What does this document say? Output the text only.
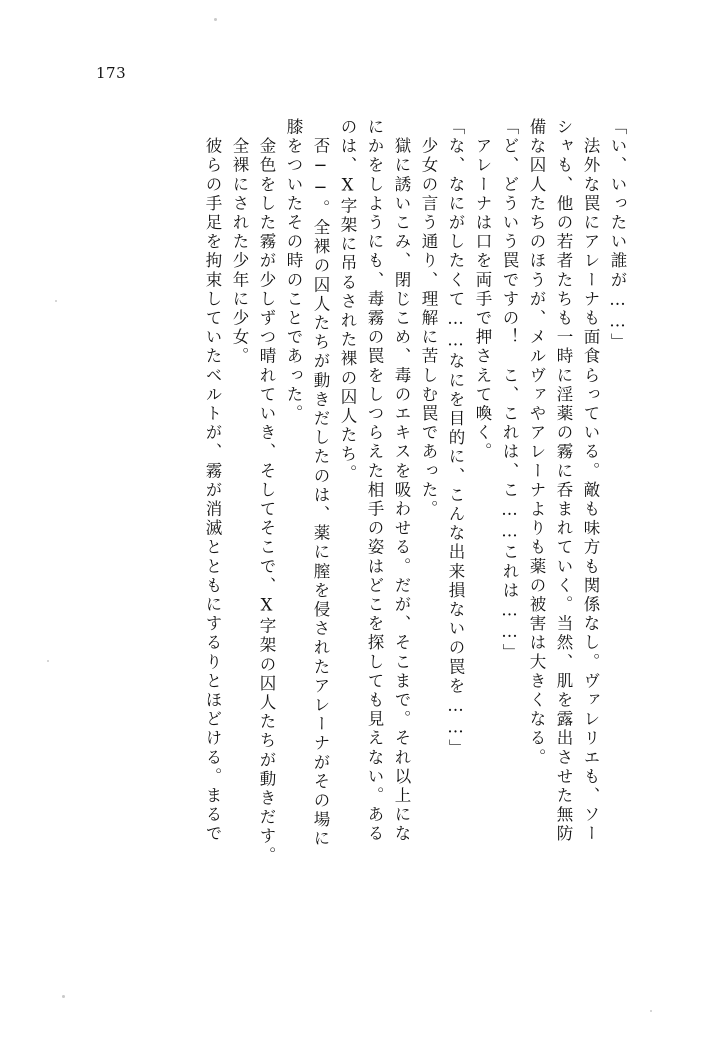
173
「い、いったい誰が……」
　法外な罠にアレーナも面食らっている。敵も味方も関係なし。ヴァレリエも、ソー
シャも、他の若者たちも一時に淫薬の霧に呑まれていく。当然、肌を露出させた無防
備な囚人たちのほうが、メルヴァやアレーナよりも薬の被害は大きくなる。
「ど、どういう罠ですの！　こ、これは、こ……これは……」
　アレーナは口を両手で押さえて喚く。
「な、なにがしたくて……なにを目的に、こんな出来損ないの罠を……」
　少女の言う通り、理解に苦しむ罠であった。
　獄に誘いこみ、閉じこめ、毒のエキスを吸わせる。だが、そこまで。それ以上にな
にかをしようにも、毒霧の罠をしつらえた相手の姿はどこを探しても見えない。ある
のは、X字架に吊るされた裸の囚人たち。
　否──。全裸の囚人たちが動きだしたのは、薬に膣を侵されたアレーナがその場に
膝をついたその時のことであった。
　金色をした霧が少しずつ晴れていき、そしてそこで、X字架の囚人たちが動きだす。
　全裸にされた少年に少女。
　彼らの手足を拘束していたベルトが、霧が消滅とともにするりとほどける。まるで
